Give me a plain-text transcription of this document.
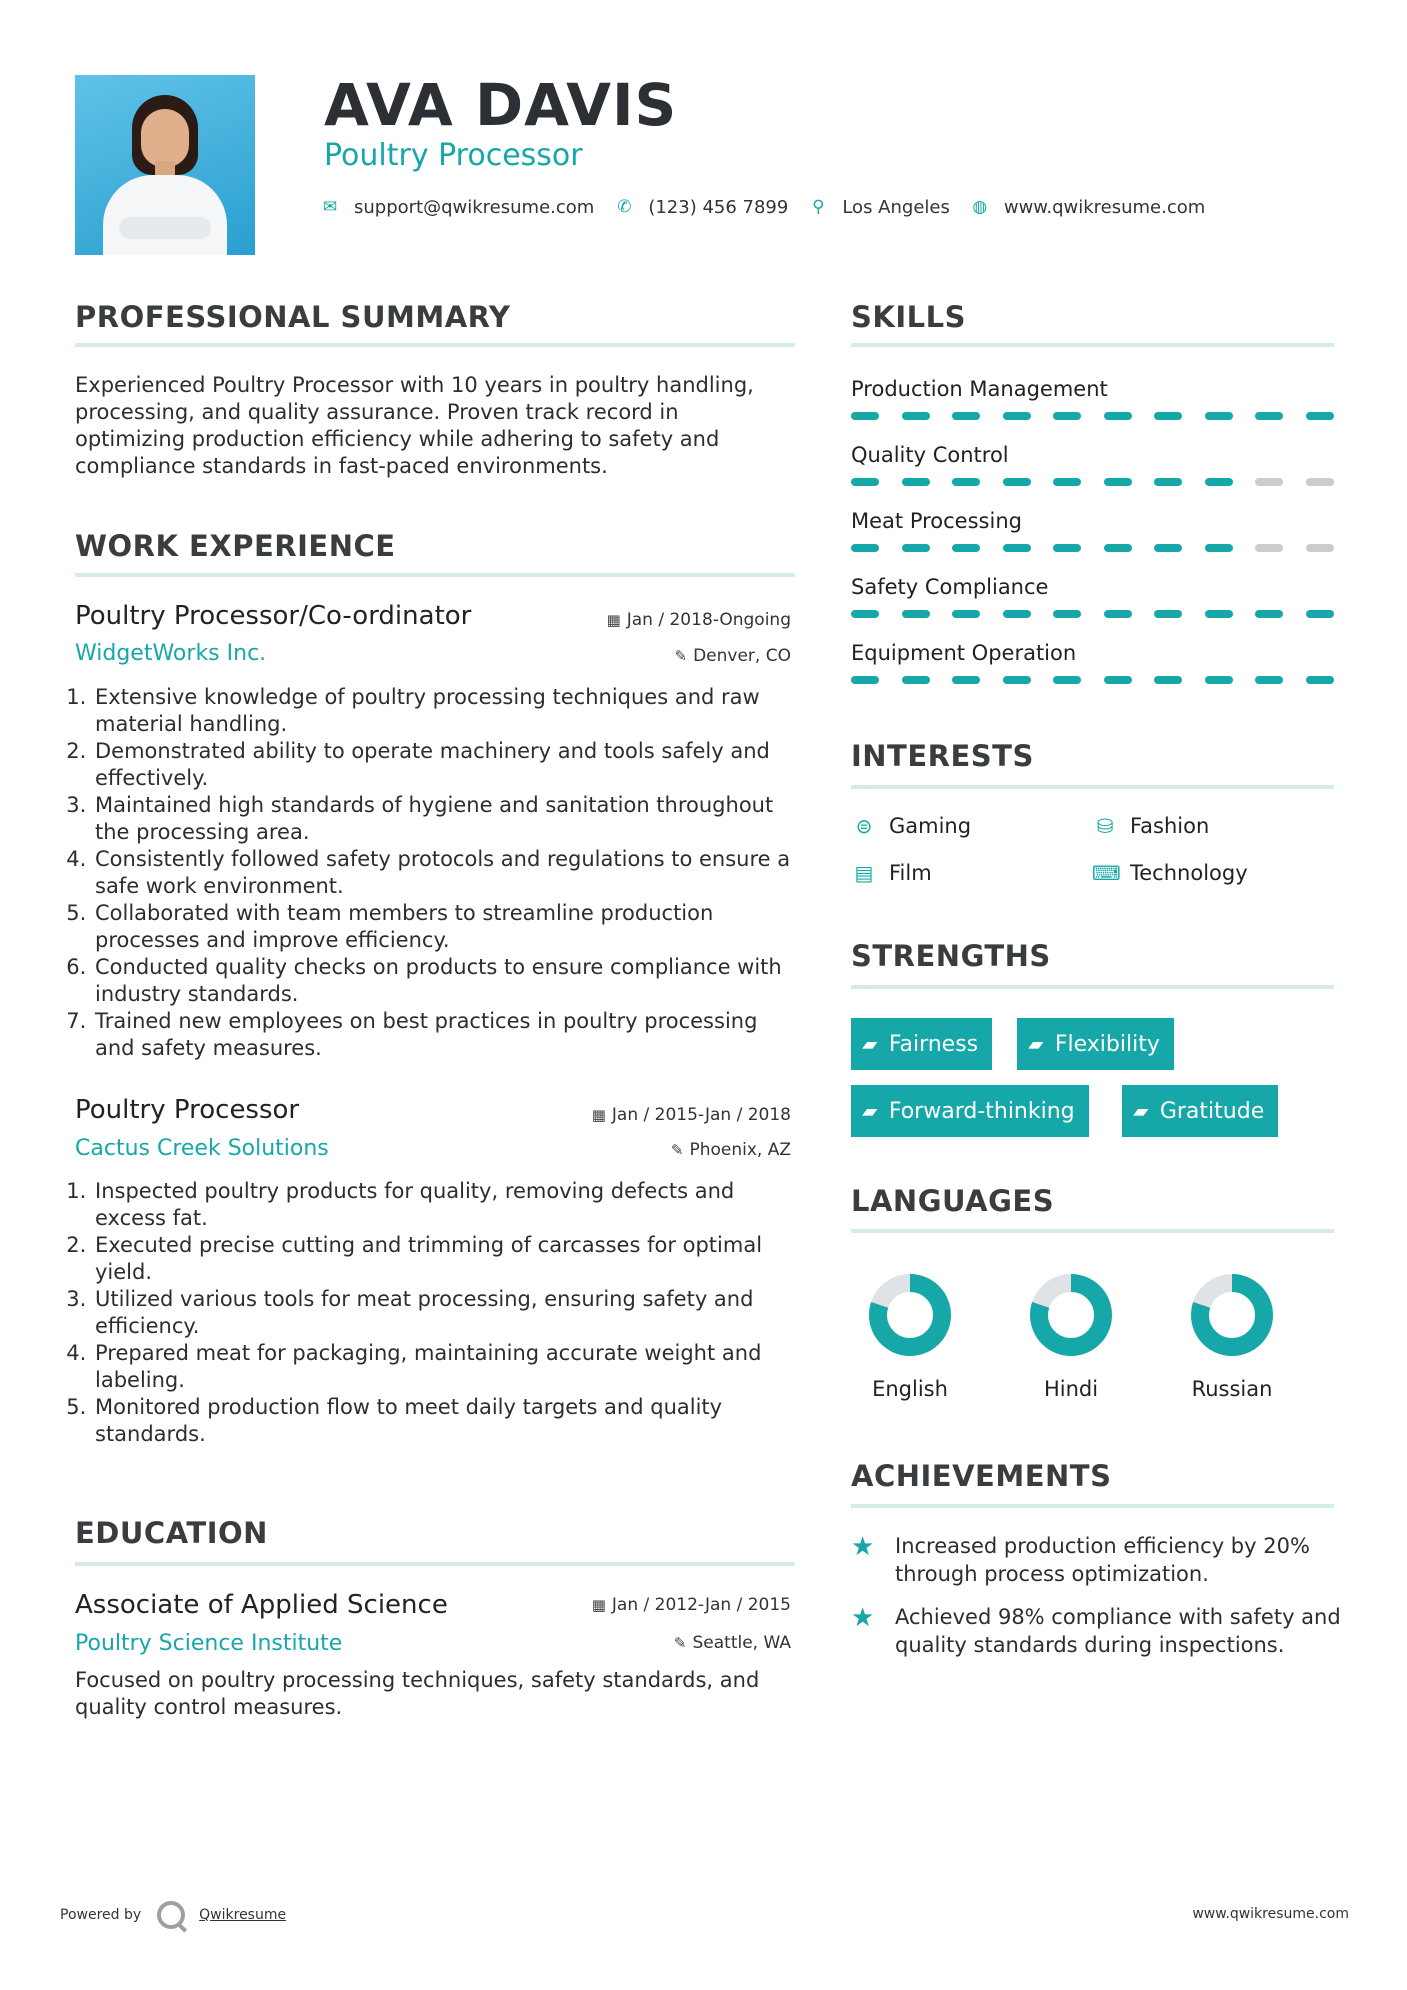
AVA DAVIS
Poultry Processor
✉ support@qwikresume.com ✆ (123) 456 7899 ⚲ Los Angeles ◍ www.qwikresume.com
PROFESSIONAL SUMMARY
Experienced Poultry Processor with 10 years in poultry handling, processing, and quality assurance. Proven track record in optimizing production efficiency while adhering to safety and compliance standards in fast-paced environments.
WORK EXPERIENCE
Poultry Processor/Co-ordinator	▦ Jan / 2018-Ongoing
WidgetWorks Inc.	✎ Denver, CO
1. Extensive knowledge of poultry processing techniques and raw material handling.
2. Demonstrated ability to operate machinery and tools safely and effectively.
3. Maintained high standards of hygiene and sanitation throughout the processing area.
4. Consistently followed safety protocols and regulations to ensure a safe work environment.
5. Collaborated with team members to streamline production processes and improve efficiency.
6. Conducted quality checks on products to ensure compliance with industry standards.
7. Trained new employees on best practices in poultry processing and safety measures.
Poultry Processor	▦ Jan / 2015-Jan / 2018
Cactus Creek Solutions	✎ Phoenix, AZ
1. Inspected poultry products for quality, removing defects and excess fat.
2. Executed precise cutting and trimming of carcasses for optimal yield.
3. Utilized various tools for meat processing, ensuring safety and efficiency.
4. Prepared meat for packaging, maintaining accurate weight and labeling.
5. Monitored production flow to meet daily targets and quality standards.
EDUCATION
Associate of Applied Science	▦ Jan / 2012-Jan / 2015
Poultry Science Institute	✎ Seattle, WA
Focused on poultry processing techniques, safety standards, and quality control measures.
SKILLS
Production Management
Quality Control
Meat Processing
Safety Compliance
Equipment Operation
INTERESTS
⊜ Gaming	⛁ Fashion
▤ Film	⌨ Technology
STRENGTHS
▰ Fairness	▰ Flexibility
▰ Forward-thinking	▰ Gratitude
LANGUAGES
English	Hindi	Russian
ACHIEVEMENTS
★ Increased production efficiency by 20% through process optimization.
★ Achieved 98% compliance with safety and quality standards during inspections.
Powered by	Qwikresume	www.qwikresume.com
